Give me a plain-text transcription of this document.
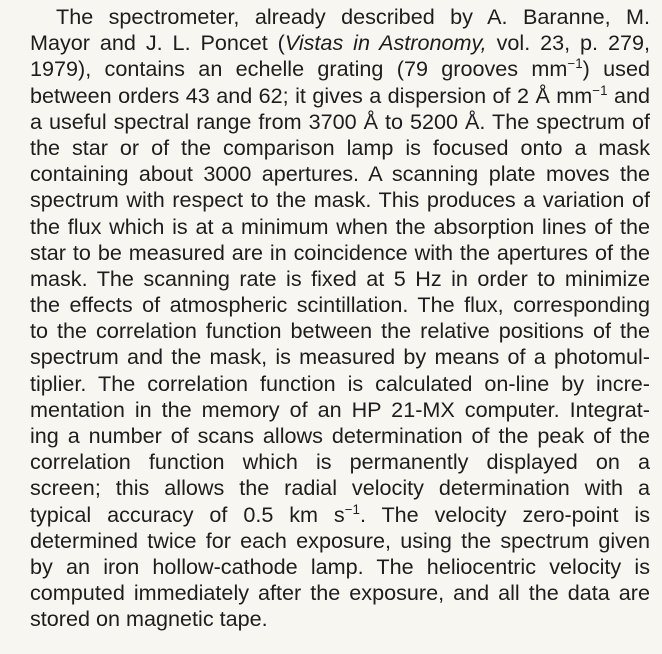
The spectrometer, already described by A. Baranne, M.
Mayor and J. L. Poncet (Vistas in Astronomy, vol. 23, p. 279,
1979), contains an echelle grating (79 grooves $mm^{-1}$) used
between orders 43 and 62; it gives a dispersion of 2 Å $mm^{-1}$ and
a useful spectral range from 3700 Å to 5200 Å. The spectrum of
the star or of the comparison lamp is focused onto a mask
containing about 3000 apertures. A scanning plate moves the
spectrum with respect to the mask. This produces a variation of
the flux which is at a minimum when the absorption lines of the
star to be measured are in coincidence with the apertures of the
mask. The scanning rate is fixed at 5 Hz in order to minimize
the effects of atmospheric scintillation. The flux, corresponding
to the correlation function between the relative positions of the
spectrum and the mask, is measured by means of a photomul-
tiplier. The correlation function is calculated on-line by incre-
mentation in the memory of an HP 21-MX computer. Integrat-
ing a number of scans allows determination of the peak of the
correlation function which is permanently displayed on a
screen; this allows the radial velocity determination with a
typical accuracy of 0.5 km $s^{-1}$. The velocity zero-point is
determined twice for each exposure, using the spectrum given
by an iron hollow-cathode lamp. The heliocentric velocity is
computed immediately after the exposure, and all the data are
stored on magnetic tape.
